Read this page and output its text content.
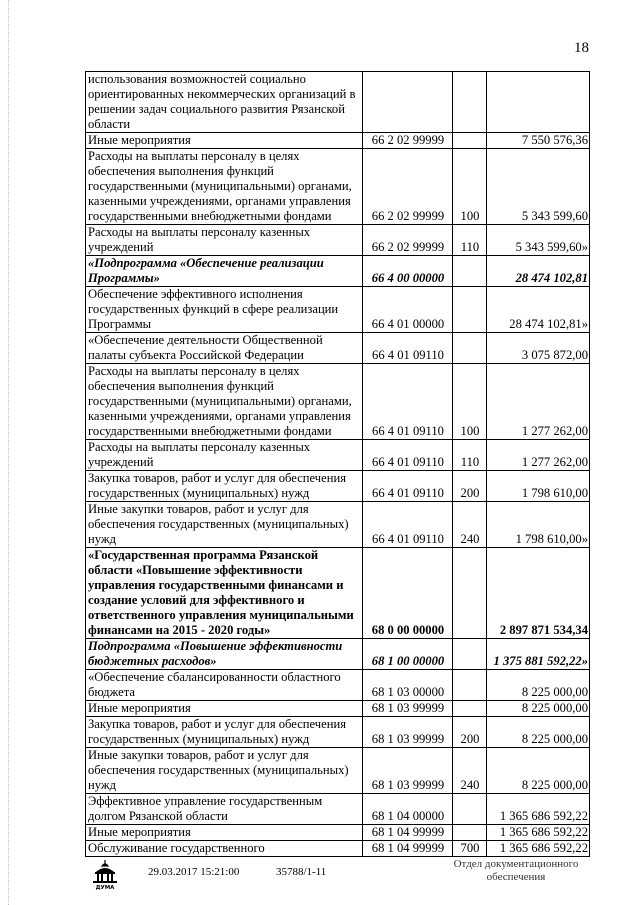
18
использования возможностей социально ориентированных некоммерческих организаций в решении задач социального развития Рязанской области			
Иные мероприятия	66 2 02 99999		7 550 576,36
Расходы на выплаты персоналу в целях обеспечения выполнения функций государственными (муниципальными) органами, казенными учреждениями, органами управления государственными внебюджетными фондами	66 2 02 99999	100	5 343 599,60
Расходы на выплаты персоналу казенных учреждений	66 2 02 99999	110	5 343 599,60»
«Подпрограмма «Обеспечение реализации Программы»	66 4 00 00000		28 474 102,81
Обеспечение эффективного исполнения государственных функций в сфере реализации Программы	66 4 01 00000		28 474 102,81»
«Обеспечение деятельности Общественной палаты субъекта Российской Федерации	66 4 01 09110		3 075 872,00
Расходы на выплаты персоналу в целях обеспечения выполнения функций государственными (муниципальными) органами, казенными учреждениями, органами управления государственными внебюджетными фондами	66 4 01 09110	100	1 277 262,00
Расходы на выплаты персоналу казенных учреждений	66 4 01 09110	110	1 277 262,00
Закупка товаров, работ и услуг для обеспечения государственных (муниципальных) нужд	66 4 01 09110	200	1 798 610,00
Иные закупки товаров, работ и услуг для обеспечения государственных (муниципальных) нужд	66 4 01 09110	240	1 798 610,00»
«Государственная программа Рязанской области «Повышение эффективности управления государственными финансами и создание условий для эффективного и ответственного управления муниципальными финансами на 2015 - 2020 годы»	68 0 00 00000		2 897 871 534,34
Подпрограмма «Повышение эффективности бюджетных расходов»	68 1 00 00000		1 375 881 592,22»
«Обеспечение сбалансированности областного бюджета	68 1 03 00000		8 225 000,00
Иные мероприятия	68 1 03 99999		8 225 000,00
Закупка товаров, работ и услуг для обеспечения государственных (муниципальных) нужд	68 1 03 99999	200	8 225 000,00
Иные закупки товаров, работ и услуг для обеспечения государственных (муниципальных) нужд	68 1 03 99999	240	8 225 000,00
Эффективное управление государственным долгом Рязанской области	68 1 04 00000		1 365 686 592,22
Иные мероприятия	68 1 04 99999		1 365 686 592,22
Обслуживание государственного	68 1 04 99999	700	1 365 686 592,22
ДУМА
29.03.2017 15:21:00	35788/1-11
Отдел документационного
обеспечения
